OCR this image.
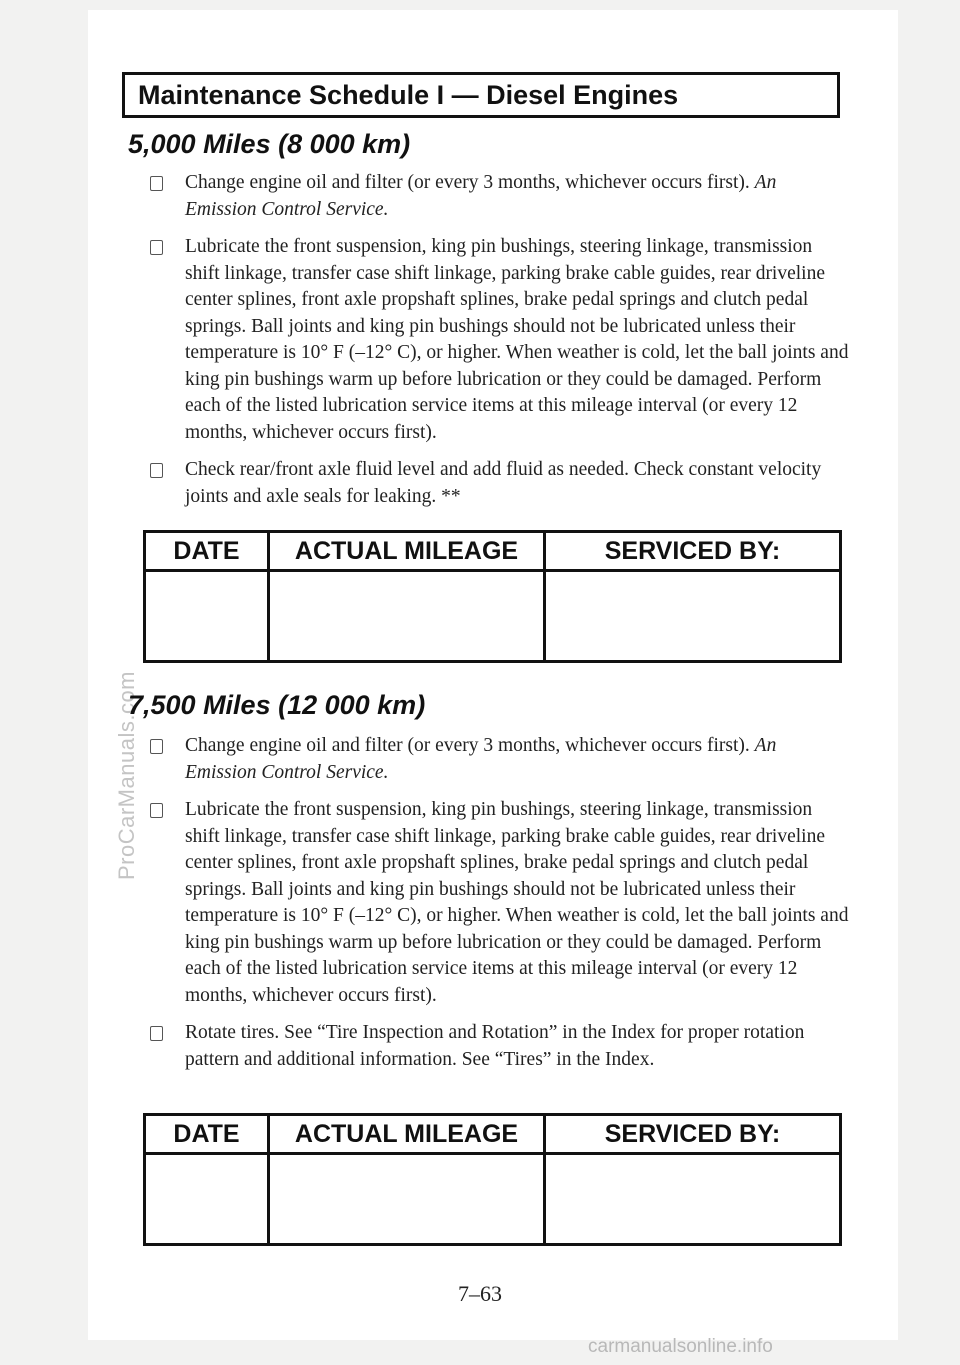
ProCarManuals.com
Maintenance Schedule I — Diesel Engines
5,000 Miles (8 000 km)
Change engine oil and filter (or every 3 months, whichever occurs first). An Emission Control Service.
Lubricate the front suspension, king pin bushings, steering linkage, transmission shift linkage, transfer case shift linkage, parking brake cable guides, rear driveline center splines, front axle propshaft splines, brake pedal springs and clutch pedal springs. Ball joints and king pin bushings should not be lubricated unless their temperature is 10° F (–12° C), or higher. When weather is cold, let the ball joints and king pin bushings warm up before lubrication or they could be damaged. Perform each of the listed lubrication service items at this mileage interval (or every 12 months, whichever occurs first).
Check rear/front axle fluid level and add fluid as needed. Check constant velocity joints and axle seals for leaking. **
DATE	ACTUAL MILEAGE	SERVICED BY:

7,500 Miles (12 000 km)
Change engine oil and filter (or every 3 months, whichever occurs first). An Emission Control Service.
Lubricate the front suspension, king pin bushings, steering linkage, transmission shift linkage, transfer case shift linkage, parking brake cable guides, rear driveline center splines, front axle propshaft splines, brake pedal springs and clutch pedal springs. Ball joints and king pin bushings should not be lubricated unless their temperature is 10° F (–12° C), or higher. When weather is cold, let the ball joints and king pin bushings warm up before lubrication or they could be damaged. Perform each of the listed lubrication service items at this mileage interval (or every 12 months, whichever occurs first).
Rotate tires. See “Tire Inspection and Rotation” in the Index for proper rotation pattern and additional information. See “Tires” in the Index.
DATE	ACTUAL MILEAGE	SERVICED BY:

7–63
carmanualsonline.info
